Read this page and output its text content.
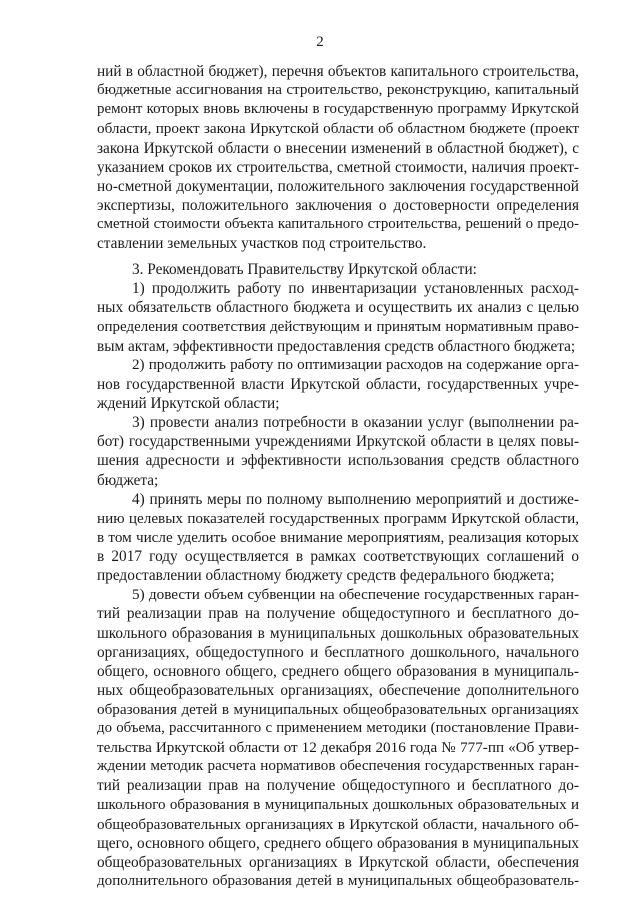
2
ний в областной бюджет), перечня объектов капитального строительства,
бюджетные ассигнования на строительство, реконструкцию, капитальный
ремонт которых вновь включены в государственную программу Иркутской
области, проект закона Иркутской области об областном бюджете (проект
закона Иркутской области о внесении изменений в областной бюджет), с
указанием сроков их строительства, сметной стоимости, наличия проект-
но-сметной документации, положительного заключения государственной
экспертизы, положительного заключения о достоверности определения
сметной стоимости объекта капитального строительства, решений о предо-
ставлении земельных участков под строительство.
3. Рекомендовать Правительству Иркутской области:
1) продолжить работу по инвентаризации установленных расход-
ных обязательств областного бюджета и осуществить их анализ с целью
определения соответствия действующим и принятым нормативным право-
вым актам, эффективности предоставления средств областного бюджета;
2) продолжить работу по оптимизации расходов на содержание орга-
нов государственной власти Иркутской области, государственных учре-
ждений Иркутской области;
3) провести анализ потребности в оказании услуг (выполнении ра-
бот) государственными учреждениями Иркутской области в целях повы-
шения адресности и эффективности использования средств областного
бюджета;
4) принять меры по полному выполнению мероприятий и достиже-
нию целевых показателей государственных программ Иркутской области,
в том числе уделить особое внимание мероприятиям, реализация которых
в 2017 году осуществляется в рамках соответствующих соглашений о
предоставлении областному бюджету средств федерального бюджета;
5) довести объем субвенции на обеспечение государственных гаран-
тий реализации прав на получение общедоступного и бесплатного до-
школьного образования в муниципальных дошкольных образовательных
организациях, общедоступного и бесплатного дошкольного, начального
общего, основного общего, среднего общего образования в муниципаль-
ных общеобразовательных организациях, обеспечение дополнительного
образования детей в муниципальных общеобразовательных организациях
до объема, рассчитанного с применением методики (постановление Прави-
тельства Иркутской области от 12 декабря 2016 года № 777-пп «Об утвер-
ждении методик расчета нормативов обеспечения государственных гаран-
тий реализации прав на получение общедоступного и бесплатного до-
школьного образования в муниципальных дошкольных образовательных и
общеобразовательных организациях в Иркутской области, начального об-
щего, основного общего, среднего общего образования в муниципальных
общеобразовательных организациях в Иркутской области, обеспечения
дополнительного образования детей в муниципальных общеобразователь-
